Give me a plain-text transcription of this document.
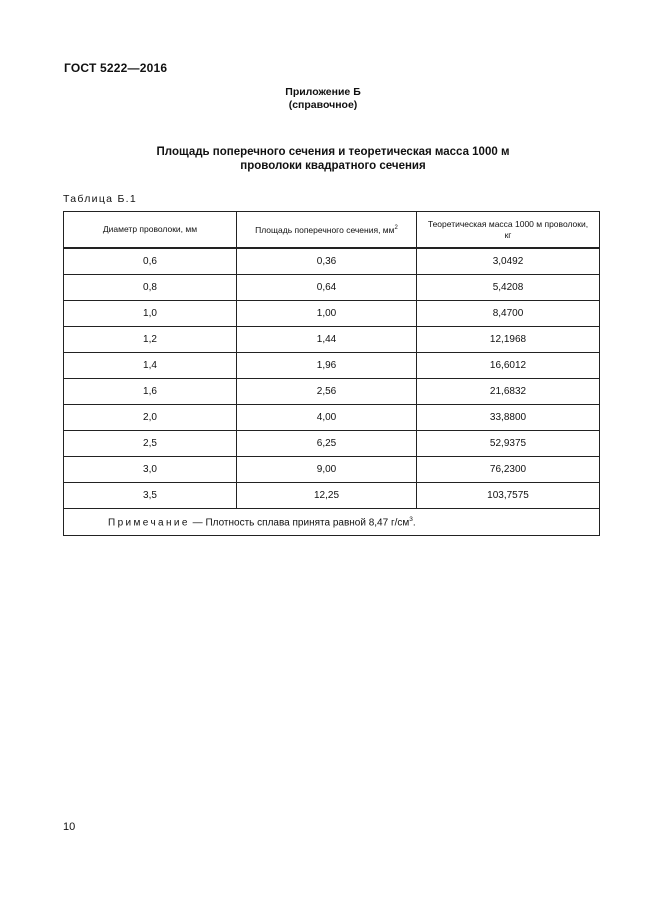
ГОСТ 5222—2016
Приложение Б
(справочное)
Площадь поперечного сечения и теоретическая масса 1000 м
проволоки квадратного сечения
Таблица Б.1
Диаметр проволоки, мм	Площадь поперечного сечения, $мм^2$	Теоретическая масса 1000 м проволоки, кг
0,6	0,36	3,0492
0,8	0,64	5,4208
1,0	1,00	8,4700
1,2	1,44	12,1968
1,4	1,96	16,6012
1,6	2,56	21,6832
2,0	4,00	33,8800
2,5	6,25	52,9375
3,0	9,00	76,2300
3,5	12,25	103,7575
Примечание — Плотность сплава принята равной 8,47 $г/см^3$.		
10
